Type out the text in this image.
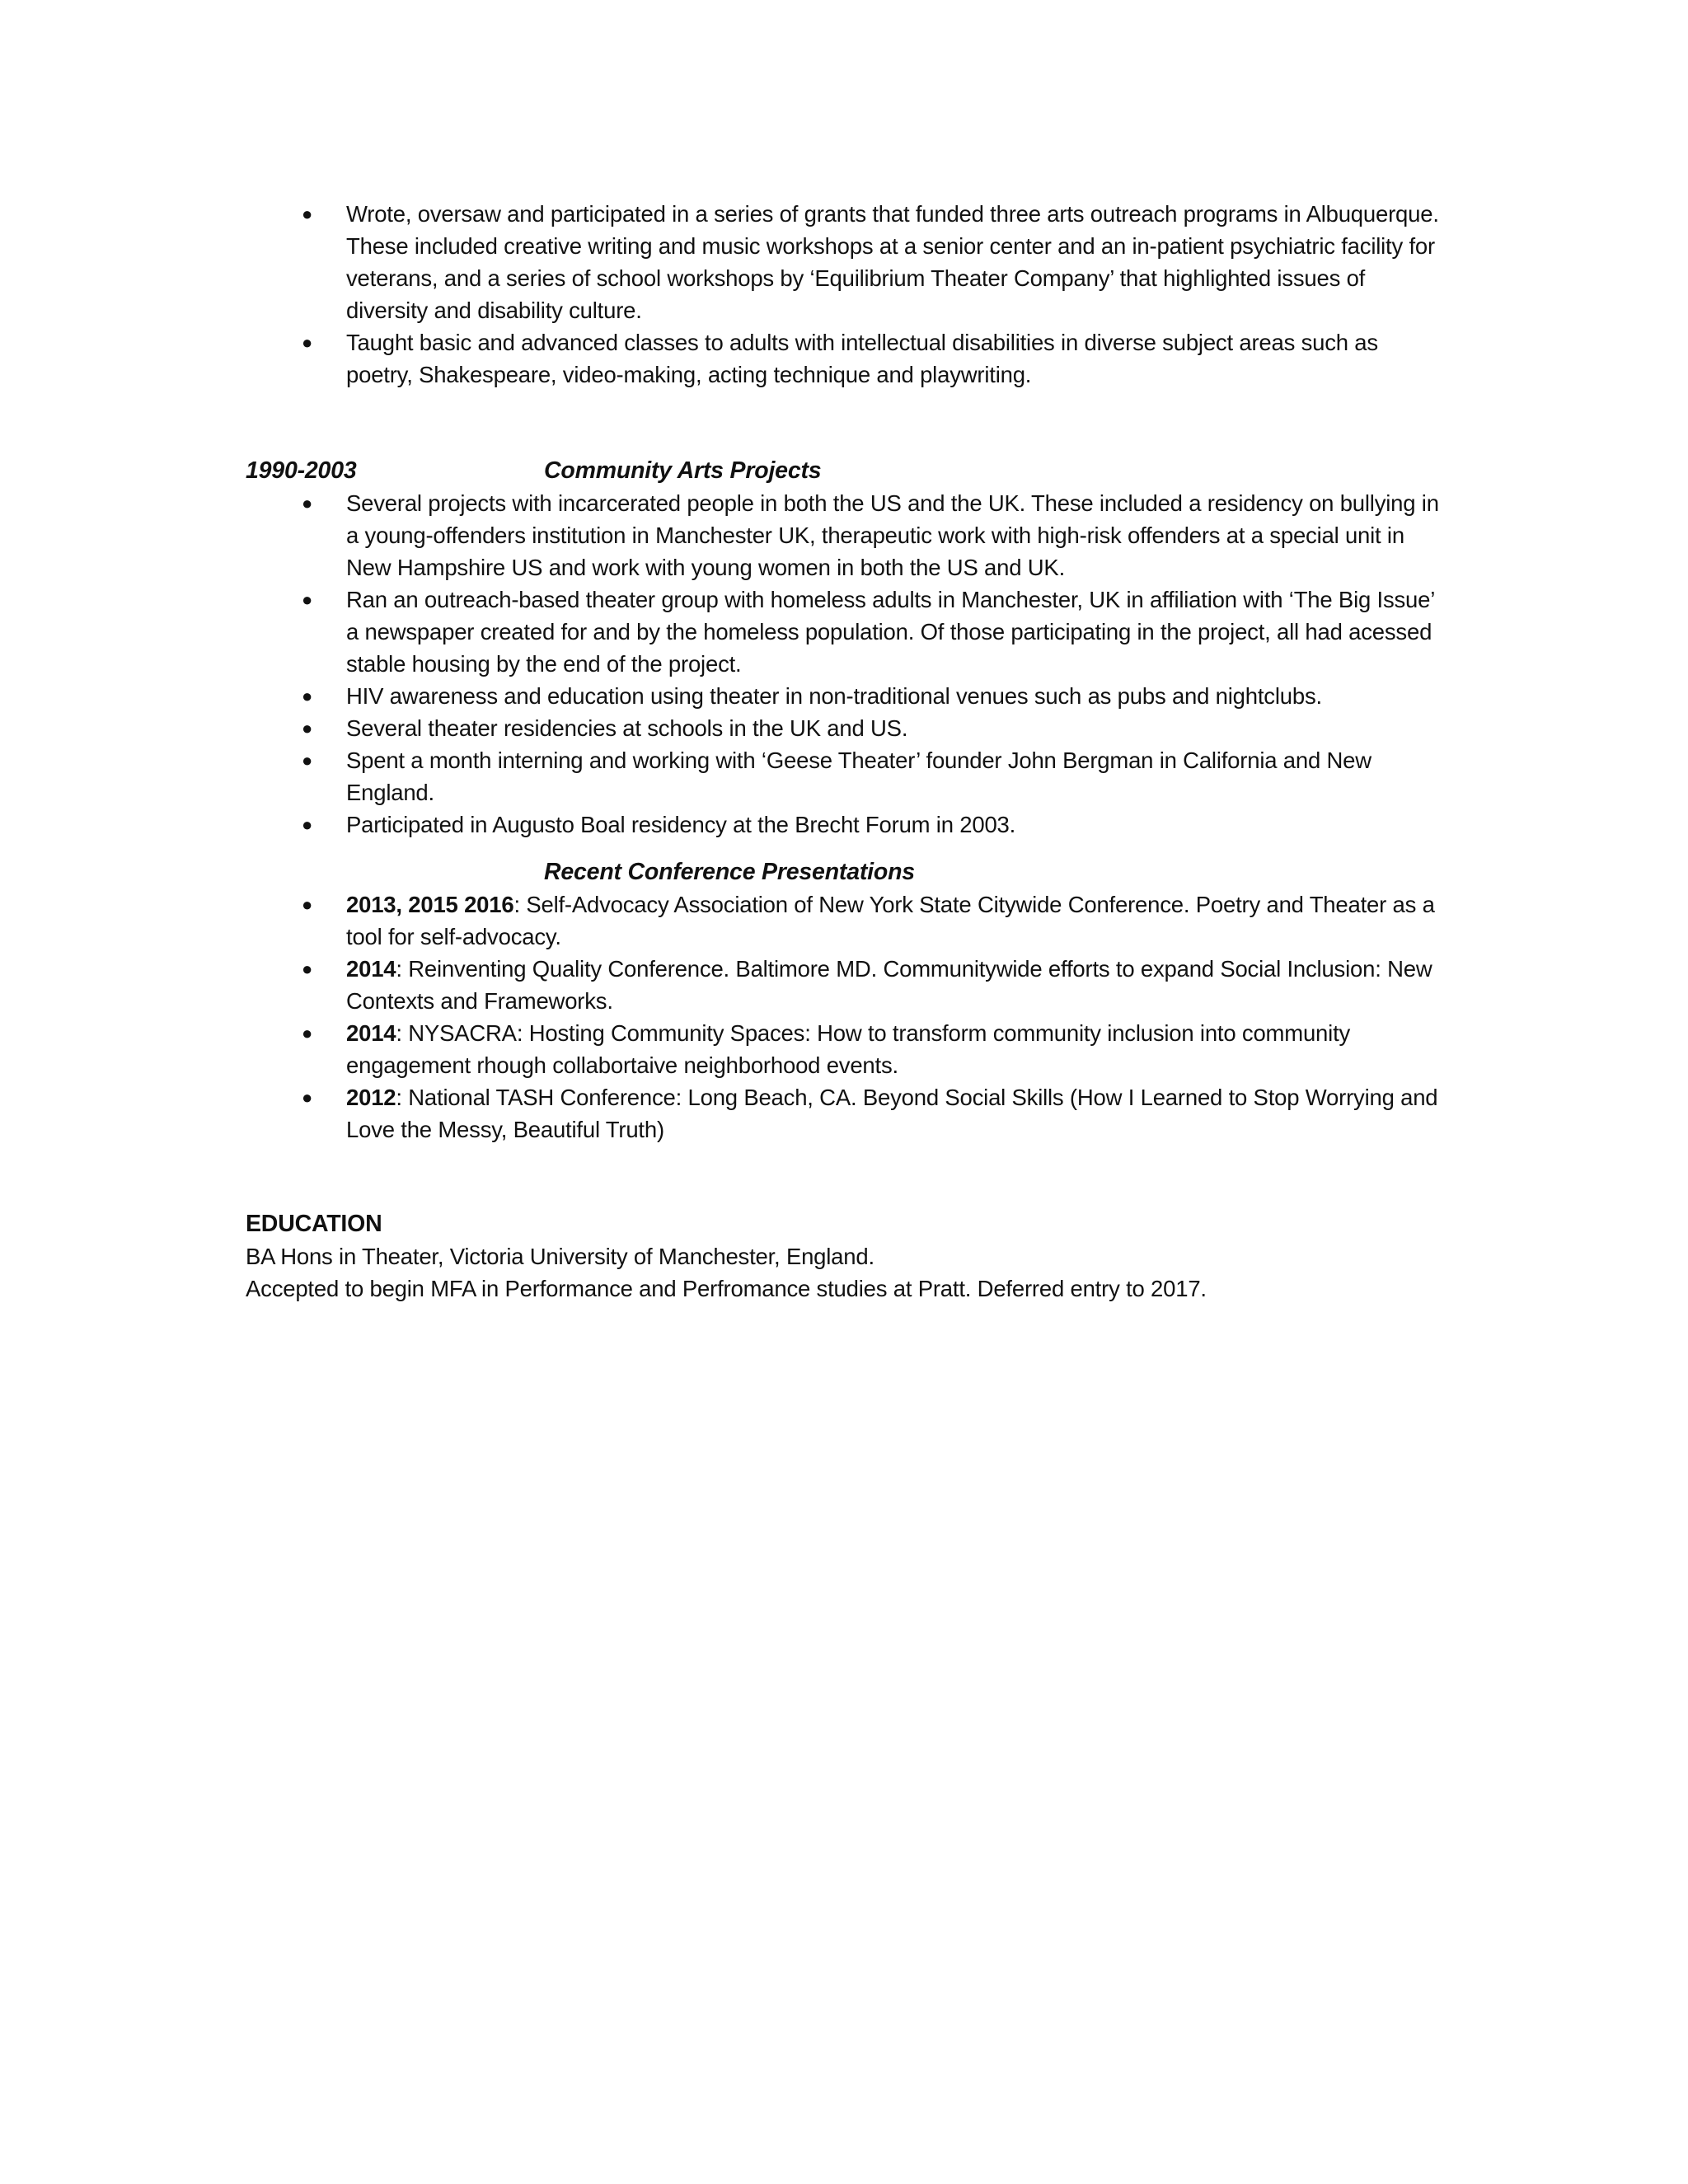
● Wrote, oversaw and participated in a series of grants that funded three arts outreach programs in Albuquerque. These included creative writing and music workshops at a senior center and an in-patient psychiatric facility for veterans, and a series of school workshops by ‘Equilibrium Theater Company’ that highlighted issues of diversity and disability culture.
● Taught basic and advanced classes to adults with intellectual disabilities in diverse subject areas such as poetry, Shakespeare, video-making, acting technique and playwriting.
1990-2003	Community Arts Projects
● Several projects with incarcerated people in both the US and the UK. These included a residency on bullying in a young-offenders institution in Manchester UK, therapeutic work with high-risk offenders at a special unit in New Hampshire US and work with young women in both the US and UK.
● Ran an outreach-based theater group with homeless adults in Manchester, UK in affiliation with ‘The Big Issue’ a newspaper created for and by the homeless population. Of those participating in the project, all had acessed stable housing by the end of the project.
● HIV awareness and education using theater in non-traditional venues such as pubs and nightclubs.
● Several theater residencies at schools in the UK and US.
● Spent a month interning and working with ‘Geese Theater’ founder John Bergman in California and New England.
● Participated in Augusto Boal residency at the Brecht Forum in 2003.
Recent Conference Presentations
● 2013, 2015 2016: Self-Advocacy Association of New York State Citywide Conference. Poetry and Theater as a tool for self-advocacy.
● 2014: Reinventing Quality Conference. Baltimore MD. Communitywide efforts to expand Social Inclusion: New Contexts and Frameworks.
● 2014: NYSACRA: Hosting Community Spaces: How to transform community inclusion into community engagement rhough collabortaive neighborhood events.
● 2012: National TASH Conference: Long Beach, CA. Beyond Social Skills (How I Learned to Stop Worrying and Love the Messy, Beautiful Truth)
EDUCATION
BA Hons in Theater, Victoria University of Manchester, England.
Accepted to begin MFA in Performance and Perfromance studies at Pratt. Deferred entry to 2017.
